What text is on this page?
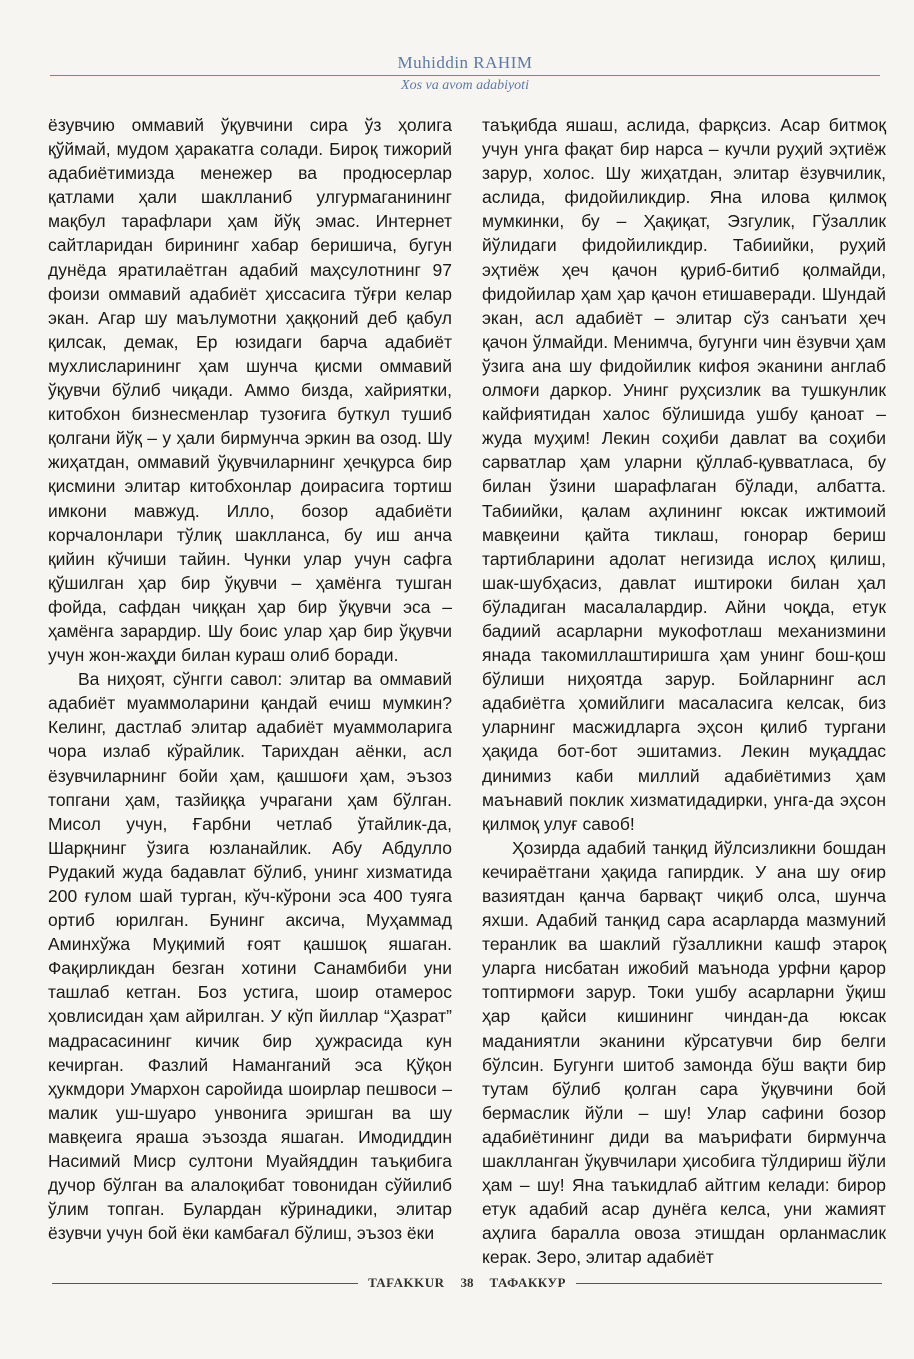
Muhiddin RAHIM
Xos va avom adabiyoti

ёзувчию оммавий ўқувчини сира ўз ҳолига қўймай, мудом ҳаракатга солади. Бироқ тижорий адабиётимизда менежер ва продюсерлар қатлами ҳали шаклланиб улгурмаганининг мақбул тарафлари ҳам йўқ эмас. Интернет сайтларидан бирининг хабар беришича, бугун дунёда яратилаётган адабий маҳсулотнинг 97 фоизи оммавий адабиёт ҳиссасига тўғри келар экан. Агар шу маълумотни ҳаққоний деб қабул қилсак, демак, Ер юзидаги барча адабиёт мухлисларининг ҳам шунча қисми оммавий ўқувчи бўлиб чиқади. Аммо бизда, хайриятки, китобхон бизнесменлар тузоғига буткул тушиб қолгани йўқ – у ҳали бирмунча эркин ва озод. Шу жиҳатдан, оммавий ўқувчиларнинг ҳечқурса бир қисмини элитар китобхонлар доирасига тортиш имкони мавжуд. Илло, бозор адабиёти корчалонлари тўлиқ шаклланса, бу иш анча қийин кўчиши тайин. Чунки улар учун сафга қўшилган ҳар бир ўқувчи – ҳамёнга тушган фойда, сафдан чиққан ҳар бир ўқувчи эса – ҳамёнга зарардир. Шу боис улар ҳар бир ўқувчи учун жон-жаҳди билан кураш олиб боради.

Ва ниҳоят, сўнгги савол: элитар ва оммавий адабиёт муаммоларини қандай ечиш мумкин? Келинг, дастлаб элитар адабиёт муаммоларига чора излаб кўрайлик. Тарихдан аёнки, асл ёзувчиларнинг бойи ҳам, қашшоғи ҳам, эъзоз топгани ҳам, тазйиққа учрагани ҳам бўлган. Мисол учун, Ғарбни четлаб ўтайлик-да, Шарқнинг ўзига юзланайлик. Абу Абдулло Рудакий жуда бадавлат бўлиб, унинг хизматида 200 ғулом шай турган, кўч-кўрони эса 400 туяга ортиб юрилган. Бунинг аксича, Муҳаммад Аминхўжа Муқимий ғоят қашшоқ яшаган. Фақирликдан безган хотини Санамбиби уни ташлаб кетган. Боз устига, шоир отамерос ҳовлисидан ҳам айрилган. У кўп йиллар “Ҳазрат” мадрасасининг кичик бир ҳужрасида кун кечирган. Фазлий Наманганий эса Қўқон ҳукмдори Умархон саройида шоирлар пешвоси – малик уш-шуаро унвонига эришган ва шу мавқеига яраша эъзозда яшаган. Имодиддин Насимий Миср султони Муайяддин таъқибига дучор бўлган ва алалоқибат товонидан сўйилиб ўлим топган. Булардан кўринадики, элитар ёзувчи учун бой ёки камбағал бўлиш, эъзоз ёки

таъқибда яшаш, аслида, фарқсиз. Асар битмоқ учун унга фақат бир нарса – кучли руҳий эҳтиёж зарур, холос. Шу жиҳатдан, элитар ёзувчилик, аслида, фидойиликдир. Яна илова қилмоқ мумкинки, бу – Ҳақиқат, Эзгулик, Гўзаллик йўлидаги фидойиликдир. Табиийки, руҳий эҳтиёж ҳеч қачон қуриб-битиб қолмайди, фидойилар ҳам ҳар қачон етишаверади. Шундай экан, асл адабиёт – элитар сўз санъати ҳеч қачон ўлмайди. Менимча, бугунги чин ёзувчи ҳам ўзига ана шу фидойилик кифоя эканини англаб олмоғи даркор. Унинг руҳсизлик ва тушкунлик кайфиятидан халос бўлишида ушбу қаноат – жуда муҳим! Лекин соҳиби давлат ва соҳиби сарватлар ҳам уларни қўллаб-қувватласа, бу билан ўзини шарафлаган бўлади, албатта. Табиийки, қалам аҳлининг юксак ижтимоий мавқеини қайта тиклаш, гонорар бериш тартибларини адолат негизида ислоҳ қилиш, шак-шубҳасиз, давлат иштироки билан ҳал бўладиган масалалардир. Айни чоқда, етук бадиий асарларни мукофотлаш механизмини янада такомиллаштиришга ҳам унинг бош-қош бўлиши ниҳоятда зарур. Бойларнинг асл адабиётга ҳомийлиги масаласига келсак, биз уларнинг масжидларга эҳсон қилиб тургани ҳақида бот-бот эшитамиз. Лекин муқаддас динимиз каби миллий адабиётимиз ҳам маънавий поклик хизматидадирки, унга-да эҳсон қилмоқ улуғ савоб!

Ҳозирда адабий танқид йўлсизликни бошдан кечираётгани ҳақида гапирдик. У ана шу оғир вазиятдан қанча барвақт чиқиб олса, шунча яхши. Адабий танқид сара асарларда мазмуний теранлик ва шаклий гўзалликни кашф этароқ уларга нисбатан ижобий маънода урфни қарор топтирмоғи зарур. Токи ушбу асарларни ўқиш ҳар қайси кишининг чиндан-да юксак маданиятли эканини кўрсатувчи бир белги бўлсин. Бугунги шитоб замонда бўш вақти бир тутам бўлиб қолган сара ўқувчини бой бермаслик йўли – шу! Улар сафини бозор адабиётининг диди ва маърифати бирмунча шаклланган ўқувчилари ҳисобига тўлдириш йўли ҳам – шу! Яна таъкидлаб айтгим келади: бирор етук адабий асар дунёга келса, уни жамият аҳлига баралла овоза этишдан орланмаслик керак. Зеро, элитар адабиёт

TAFAKKUR	38	ТАФАККУР
